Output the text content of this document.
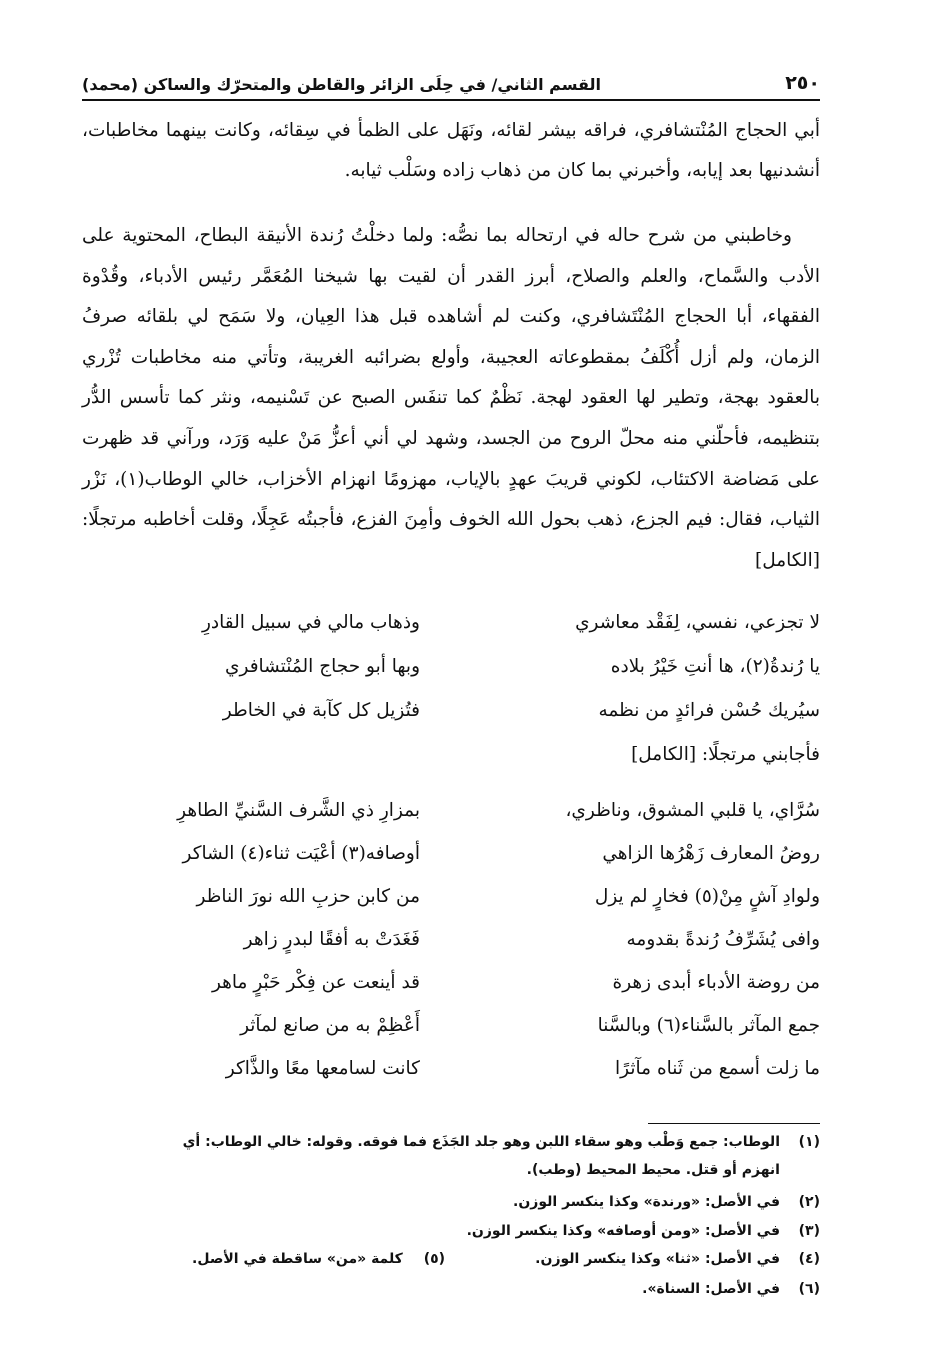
٢٥٠
القسم الثاني/ في حِلَى الزائر والقاطن والمتحرّك والساكن (محمد)

أبي الحجاج المُنْتشافري، فراقه بيشر لقائه، ونَهَل على الظمأ في سِقائه، وكانت بينهما مخاطبات، أنشدنيها بعد إيابه، وأخبرني بما كان من ذهاب زاده وسَلْب ثيابه.

وخاطبني من شرح حاله في ارتحاله بما نصُّه: ولما دخلْتُ رُندة الأنيقة البطاح، المحتوية على الأدب والسَّماح، والعلم والصلاح، أبرز القدر أن لقيت بها شيخنا المُعَمَّر رئيس الأدباء، وقُدْوة الفقهاء، أبا الحجاج المُنْتَشافري، وكنت لم أشاهده قبل هذا العِيان، ولا سَمَح لي بلقائه صرفُ الزمان، ولم أزل أُكْلَفُ بمقطوعاته العجيبة، وأولع بضرائبه الغريبة، وتأتي منه مخاطبات تُزْري بالعقود بهجة، وتطير لها العقود لهجة. نَظْمٌ كما تنفَس الصبح عن تَسْنيمه، ونثر كما تأسس الدُّر بتنظيمه، فأحلّني منه محلّ الروح من الجسد، وشهد لي أني أعزُّ مَنْ عليه وَرَد، ورآني قد ظهرت على مَضاضة الاكتئاب، لكوني قريبَ عهدٍ بالإياب، مهزومًا انهزام الأخزاب، خالي الوطاب(١)، نَزْر الثياب، فقال: فيم الجزع، ذهب بحول الله الخوف وأمِنَ الفزع، فأجبتُه عَجِلًا، وقلت أخاطبه مرتجلًا: [الكامل]

لا تجزعي، نفسي، لِفَقْد معاشري
وذهاب مالي في سبيل القادرِ
يا رُندةُ(٢)، ها أنتِ خَيْرُ بلاده
وبها أبو حجاج المُنْتشافري
سيُريك حُسْن فرائدٍ من نظمه
فتُزيل كل كآبة في الخاطر
فأجابني مرتجلًا: [الكامل]
سُرَّاي، يا قلبي المشوق، وناظري،
بمزارِ ذي الشَّرف السَّنيِّ الطاهرِ
روضُ المعارف زَهْرُها الزاهي
أوصافه(٣) أعْيَت ثناء(٤) الشاكر
ولوادِ آشٍ مِنْ(٥) فخارٍ لم يزل
من كابن حزبِ الله نورَ الناظر
وافى يُشَرِّفُ رُندةً بقدومه
فَغَدَتْ به أفقًا لبدرٍ زاهر
من روضة الأدباء أبدى زهرة
قد أينعت عن فِكْر حَبْرٍ ماهر
جمع المآثر بالسَّناء(٦) وبالسَّنا
أَعْظِمْ به من صانع لمآثر
ما زلت أسمع من ثَناه مآثرًا
كانت لسامعها معًا والذَّاكر
(١)
الوطاب: جمع وَطْب وهو سقاء اللبن وهو جلد الجَذَع فما فوقه. وقوله: خالي الوطاب: أي
انهزم أو قتل. محيط المحيط (وطب).
(٢)
في الأصل: «ورندة» وكذا ينكسر الوزن.
(٣)
في الأصل: «ومن أوصافه» وكذا ينكسر الوزن.
(٤)
في الأصل: «ثنا» وكذا ينكسر الوزن.
(٥) كلمة «من» ساقطة في الأصل.
(٦)
في الأصل: السناة».
